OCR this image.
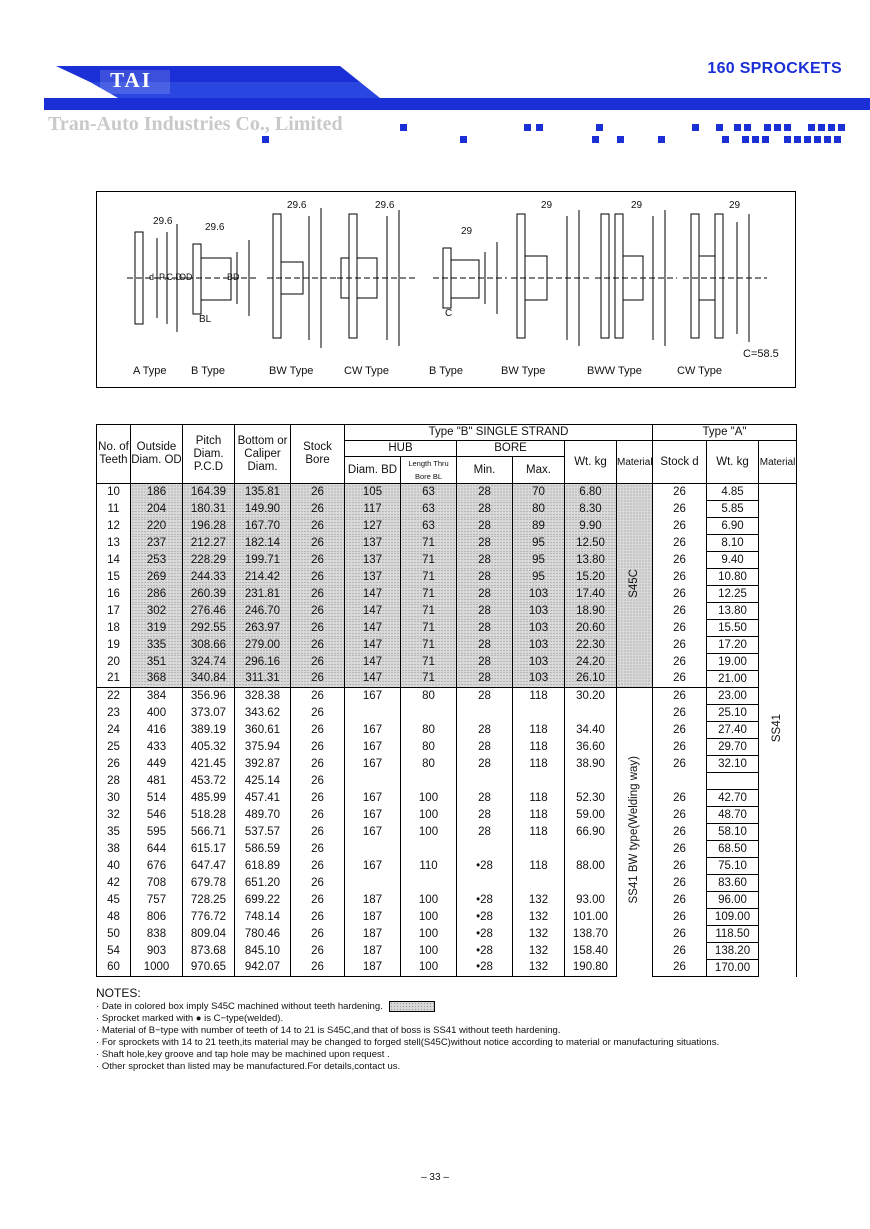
TAI	160 SPROCKETS
Tran-Auto Industries Co., Limited
A Type B Type	BW Type	CW Type	B Type	BW Type	BWW Type	CW Type
29.6
29.6
29.6	29.6
29
29	29	29
d P.C.D
OD	BD
BL
C
C=58.5
No. of Teeth	Outside Diam. OD	Pitch Diam. P.C.D	Bottom or Caliper Diam.	Stock Bore	Type "B" SINGLE STRAND						Type "A"		
					HUB		BORE		Wt. kg	Material	Stock d	Wt. kg	Material
					Diam. BD	Length Thru Bore BL	Min.	Max.					
10	186	164.39	135.81	26	105	63	28	70	6.80	S45C	26	4.85	SS41
11	204	180.31	149.90	26	117	63	28	80	8.30		26	5.85	
12	220	196.28	167.70	26	127	63	28	89	9.90		26	6.90	
13	237	212.27	182.14	26	137	71	28	95	12.50		26	8.10	
14	253	228.29	199.71	26	137	71	28	95	13.80		26	9.40	
15	269	244.33	214.42	26	137	71	28	95	15.20		26	10.80	
16	286	260.39	231.81	26	147	71	28	103	17.40		26	12.25	
17	302	276.46	246.70	26	147	71	28	103	18.90		26	13.80	
18	319	292.55	263.97	26	147	71	28	103	20.60		26	15.50	
19	335	308.66	279.00	26	147	71	28	103	22.30		26	17.20	
20	351	324.74	296.16	26	147	71	28	103	24.20		26	19.00	
21	368	340.84	311.31	26	147	71	28	103	26.10		26	21.00	
22	384	356.96	328.38	26	167	80	28	118	30.20	SS41 BW type(Welding way)	26	23.00	
23	400	373.07	343.62	26							26	25.10	
24	416	389.19	360.61	26	167	80	28	118	34.40		26	27.40	
25	433	405.32	375.94	26	167	80	28	118	36.60		26	29.70	
26	449	421.45	392.87	26	167	80	28	118	38.90		26	32.10	
28	481	453.72	425.14	26									
30	514	485.99	457.41	26	167	100	28	118	52.30		26	42.70	
32	546	518.28	489.70	26	167	100	28	118	59.00		26	48.70	
35	595	566.71	537.57	26	167	100	28	118	66.90		26	58.10	
38	644	615.17	586.59	26							26	68.50	
40	676	647.47	618.89	26	167	110	•28	118	88.00		26	75.10	
42	708	679.78	651.20	26							26	83.60	
45	757	728.25	699.22	26	187	100	•28	132	93.00		26	96.00	
48	806	776.72	748.14	26	187	100	•28	132	101.00		26	109.00	
50	838	809.04	780.46	26	187	100	•28	132	138.70		26	118.50	
54	903	873.68	845.10	26	187	100	•28	132	158.40		26	138.20	
60	1000	970.65	942.07	26	187	100	•28	132	190.80		26	170.00	
NOTES:
· Date in colored box imply S45C machined without teeth hardening.
· Sprocket marked with ● is C−type(welded).
· Material of B−type with number of teeth of 14 to 21 is S45C,and that of boss is SS41 without teeth hardening.
· For sprockets with 14 to 21 teeth,its material may be changed to forged stell(S45C)without notice according to material or manufacturing situations.
· Shaft hole,key groove and tap hole may be machined upon request .
· Other sprocket than listed may be manufactured.For details,contact us.
– 33 –
